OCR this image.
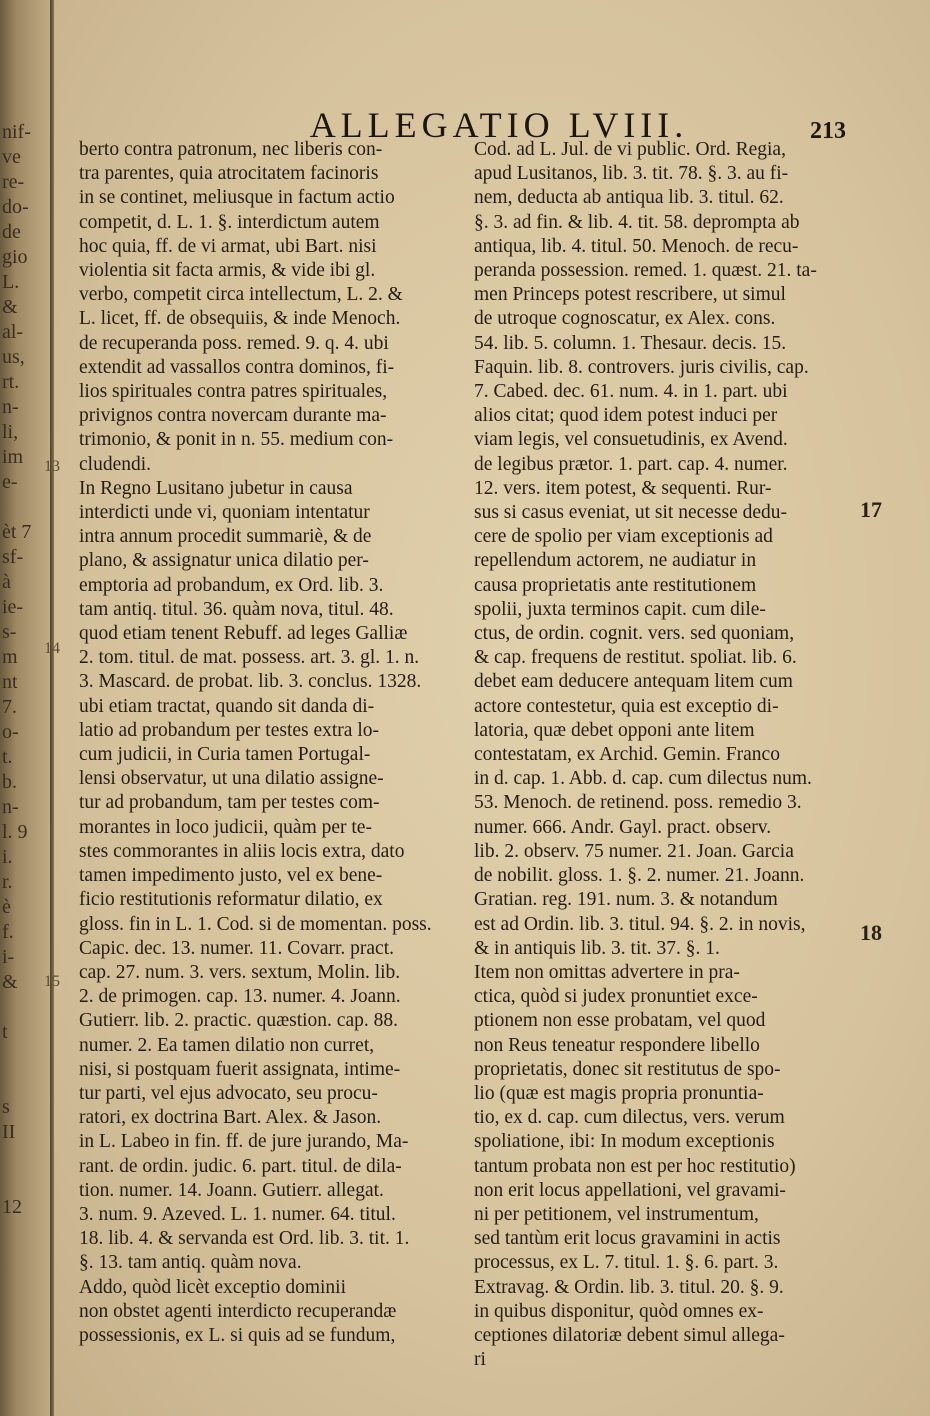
nif-
ve
re-
do-
de
gio
L.
&
al-
us,
rt.
n-
li,
im
e-

èt 7
sf-
à
ie-
s-
m
nt
7.
o-
t.
b.
n-
l. 9
i.
r.
è
f.
i-
&

t

s
II

12
ALLEGATIO LVIII.	213
berto contra patronum, nec liberis con-
tra parentes, quia atrocitatem facinoris
in se continet, meliusque in factum actio
competit, d. L. 1. §. interdictum autem
hoc quia, ff. de vi armat, ubi Bart. nisi
violentia sit facta armis, & vide ibi gl.
verbo, competit circa intellectum, L. 2. &
L. licet, ff. de obsequiis, & inde Menoch.
de recuperanda poss. remed. 9. q. 4. ubi
extendit ad vassallos contra dominos, fi-
lios spirituales contra patres spirituales,
privignos contra novercam durante ma-
trimonio, & ponit in n. 55. medium con-
cludendi.
In Regno Lusitano jubetur in causa
interdicti unde vi, quoniam intentatur
intra annum procedit summariè, & de
plano, & assignatur unica dilatio per-
emptoria ad probandum, ex Ord. lib. 3.
tam antiq. titul. 36. quàm nova, titul. 48.
quod etiam tenent Rebuff. ad leges Galliæ
2. tom. titul. de mat. possess. art. 3. gl. 1. n.
3. Mascard. de probat. lib. 3. conclus. 1328.
ubi etiam tractat, quando sit danda di-
latio ad probandum per testes extra lo-
cum judicii, in Curia tamen Portugal-
lensi observatur, ut una dilatio assigne-
tur ad probandum, tam per testes com-
morantes in loco judicii, quàm per te-
stes commorantes in aliis locis extra, dato
tamen impedimento justo, vel ex bene-
ficio restitutionis reformatur dilatio, ex
gloss. fin in L. 1. Cod. si de momentan. poss.
Capic. dec. 13. numer. 11. Covarr. pract.
cap. 27. num. 3. vers. sextum, Molin. lib.
2. de primogen. cap. 13. numer. 4. Joann.
Gutierr. lib. 2. practic. quæstion. cap. 88.
numer. 2. Ea tamen dilatio non curret,
nisi, si postquam fuerit assignata, intime-
tur parti, vel ejus advocato, seu procu-
ratori, ex doctrina Bart. Alex. & Jason.
in L. Labeo in fin. ff. de jure jurando, Ma-
rant. de ordin. judic. 6. part. titul. de dila-
tion. numer. 14. Joann. Gutierr. allegat.
3. num. 9. Azeved. L. 1. numer. 64. titul.
18. lib. 4. & servanda est Ord. lib. 3. tit. 1.
§. 13. tam antiq. quàm nova.
Addo, quòd licèt exceptio dominii
non obstet agenti interdicto recuperandæ
possessionis, ex L. si quis ad se fundum,
Cod. ad L. Jul. de vi public. Ord. Regia,
apud Lusitanos, lib. 3. tit. 78. §. 3. au fi-
nem, deducta ab antiqua lib. 3. titul. 62.
§. 3. ad fin. & lib. 4. tit. 58. deprompta ab
antiqua, lib. 4. titul. 50. Menoch. de recu-
peranda possession. remed. 1. quæst. 21. ta-
men Princeps potest rescribere, ut simul
de utroque cognoscatur, ex Alex. cons.
54. lib. 5. column. 1. Thesaur. decis. 15.
Faquin. lib. 8. controvers. juris civilis, cap.
7. Cabed. dec. 61. num. 4. in 1. part. ubi
alios citat; quod idem potest induci per
viam legis, vel consuetudinis, ex Avend.
de legibus prætor. 1. part. cap. 4. numer.
12. vers. item potest, & sequenti. Rur-
sus si casus eveniat, ut sit necesse dedu-
cere de spolio per viam exceptionis ad
repellendum actorem, ne audiatur in
causa proprietatis ante restitutionem
spolii, juxta terminos capit. cum dile-
ctus, de ordin. cognit. vers. sed quoniam,
& cap. frequens de restitut. spoliat. lib. 6.
debet eam deducere antequam litem cum
actore contestetur, quia est exceptio di-
latoria, quæ debet opponi ante litem
contestatam, ex Archid. Gemin. Franco
in d. cap. 1. Abb. d. cap. cum dilectus num.
53. Menoch. de retinend. poss. remedio 3.
numer. 666. Andr. Gayl. pract. observ.
lib. 2. observ. 75 numer. 21. Joan. Garcia
de nobilit. gloss. 1. §. 2. numer. 21. Joann.
Gratian. reg. 191. num. 3. & notandum
est ad Ordin. lib. 3. titul. 94. §. 2. in novis,
& in antiquis lib. 3. tit. 37. §. 1.
Item non omittas advertere in pra-
ctica, quòd si judex pronuntiet exce-
ptionem non esse probatam, vel quod
non Reus teneatur respondere libello
proprietatis, donec sit restitutus de spo-
lio (quæ est magis propria pronuntia-
tio, ex d. cap. cum dilectus, vers. verum
spoliatione, ibi: In modum exceptionis
tantum probata non est per hoc restitutio)
non erit locus appellationi, vel gravami-
ni per petitionem, vel instrumentum,
sed tantùm erit locus gravamini in actis
processus, ex L. 7. titul. 1. §. 6. part. 3.
Extravag. & Ordin. lib. 3. titul. 20. §. 9.
in quibus disponitur, quòd omnes ex-
ceptiones dilatoriæ debent simul allega-
ri
17
18
13
14
15
